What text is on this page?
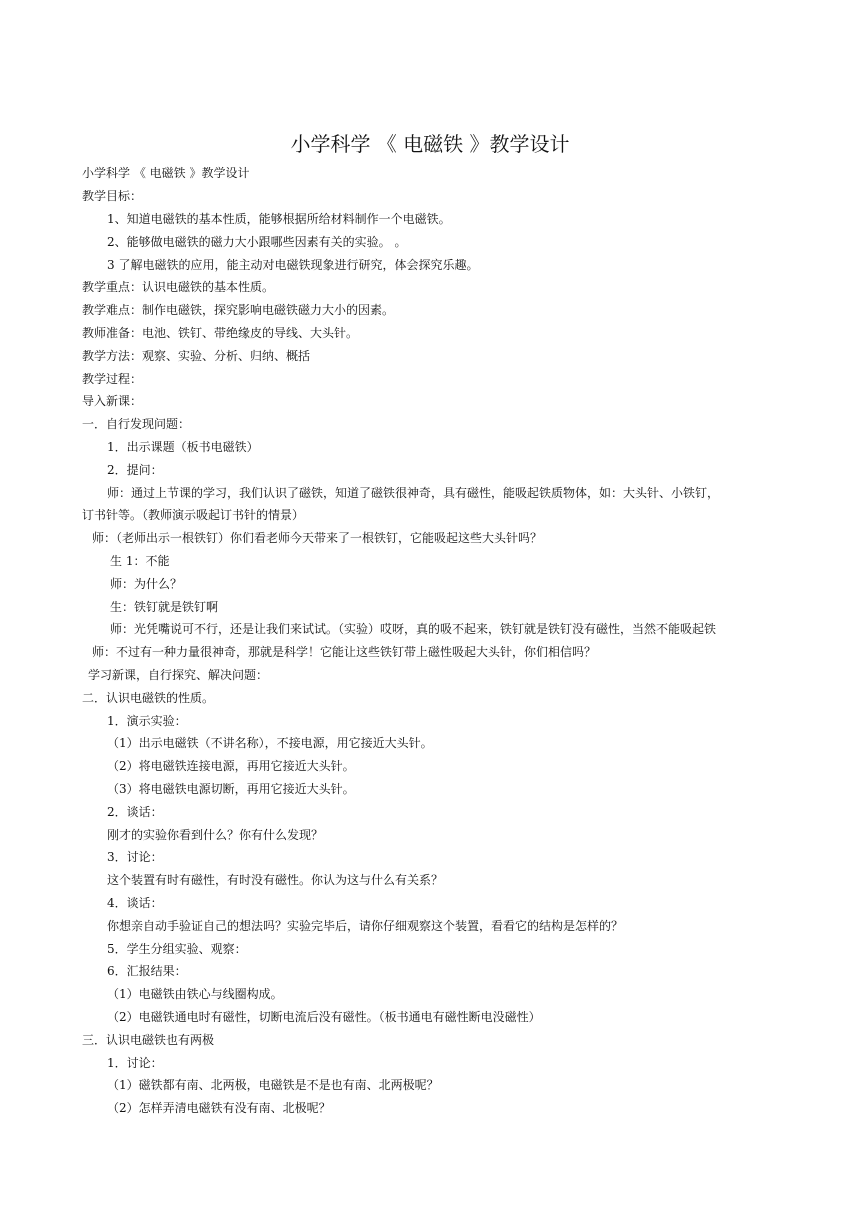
小学科学 《 电磁铁 》教学设计
小学科学 《 电磁铁 》教学设计
教学目标：
1、知道电磁铁的基本性质，能够根据所给材料制作一个电磁铁。
2、能够做电磁铁的磁力大小跟哪些因素有关的实验。 。
3 了解电磁铁的应用，能主动对电磁铁现象进行研究，体会探究乐趣。
教学重点：认识电磁铁的基本性质。
教学难点：制作电磁铁，探究影响电磁铁磁力大小的因素。
教师准备：电池、铁钉、带绝缘皮的导线、大头针。
教学方法：观察、实验、分析、归纳、概括
教学过程：
导入新课：
一．自行发现问题：
1．出示课题（板书电磁铁）
2．提问：
师：通过上节课的学习，我们认识了磁铁，知道了磁铁很神奇，具有磁性，能吸起铁质物体，如：大头针、小铁钉，
订书针等。（教师演示吸起订书针的情景）
师：（老师出示一根铁钉）你们看老师今天带来了一根铁钉，它能吸起这些大头针吗？
生 1：不能
师：为什么？
生：铁钉就是铁钉啊
师：光凭嘴说可不行，还是让我们来试试。（实验）哎呀，真的吸不起来，铁钉就是铁钉没有磁性，当然不能吸起铁
师：不过有一种力量很神奇，那就是科学！它能让这些铁钉带上磁性吸起大头针，你们相信吗？
学习新课，自行探究、解决问题：
二．认识电磁铁的性质。
1．演示实验：
（1）出示电磁铁（不讲名称），不接电源，用它接近大头针。
（2）将电磁铁连接电源，再用它接近大头针。
（3）将电磁铁电源切断，再用它接近大头针。
2．谈话：
刚才的实验你看到什么？你有什么发现？
3．讨论：
这个装置有时有磁性，有时没有磁性。你认为这与什么有关系？
4．谈话：
你想亲自动手验证自己的想法吗？实验完毕后，请你仔细观察这个装置，看看它的结构是怎样的？
5．学生分组实验、观察：
6．汇报结果：
（1）电磁铁由铁心与线圈构成。
（2）电磁铁通电时有磁性，切断电流后没有磁性。（板书通电有磁性断电没磁性）
三．认识电磁铁也有两极
1．讨论：
（1）磁铁都有南、北两极，电磁铁是不是也有南、北两极呢？
（2）怎样弄清电磁铁有没有南、北极呢？
